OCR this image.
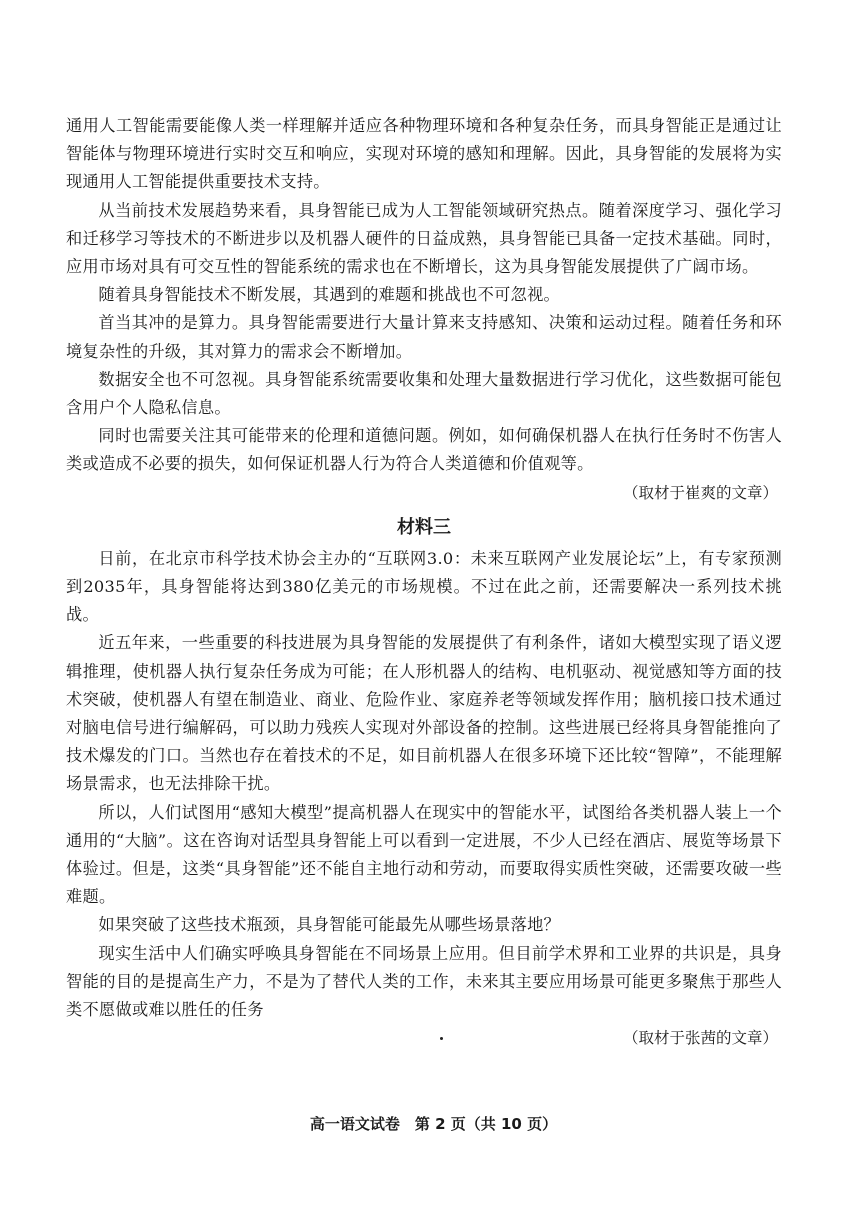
通用人工智能需要能像人类一样理解并适应各种物理环境和各种复杂任务，而具身智能正是通过让智能体与物理环境进行实时交互和响应，实现对环境的感知和理解。因此，具身智能的发展将为实现通用人工智能提供重要技术支持。

从当前技术发展趋势来看，具身智能已成为人工智能领域研究热点。随着深度学习、强化学习和迁移学习等技术的不断进步以及机器人硬件的日益成熟，具身智能已具备一定技术基础。同时，应用市场对具有可交互性的智能系统的需求也在不断增长，这为具身智能发展提供了广阔市场。

随着具身智能技术不断发展，其遇到的难题和挑战也不可忽视。

首当其冲的是算力。具身智能需要进行大量计算来支持感知、决策和运动过程。随着任务和环境复杂性的升级，其对算力的需求会不断增加。

数据安全也不可忽视。具身智能系统需要收集和处理大量数据进行学习优化，这些数据可能包含用户个人隐私信息。

同时也需要关注其可能带来的伦理和道德问题。例如，如何确保机器人在执行任务时不伤害人类或造成不必要的损失，如何保证机器人行为符合人类道德和价值观等。

（取材于崔爽的文章）

材料三

日前，在北京市科学技术协会主办的“互联网3.0：未来互联网产业发展论坛”上，有专家预测到2035年，具身智能将达到380亿美元的市场规模。不过在此之前，还需要解决一系列技术挑战。

近五年来，一些重要的科技进展为具身智能的发展提供了有利条件，诸如大模型实现了语义逻辑推理，使机器人执行复杂任务成为可能；在人形机器人的结构、电机驱动、视觉感知等方面的技术突破，使机器人有望在制造业、商业、危险作业、家庭养老等领域发挥作用；脑机接口技术通过对脑电信号进行编解码，可以助力残疾人实现对外部设备的控制。这些进展已经将具身智能推向了技术爆发的门口。当然也存在着技术的不足，如目前机器人在很多环境下还比较“智障”，不能理解场景需求，也无法排除干扰。

所以，人们试图用“感知大模型”提高机器人在现实中的智能水平，试图给各类机器人装上一个通用的“大脑”。这在咨询对话型具身智能上可以看到一定进展，不少人已经在酒店、展览等场景下体验过。但是，这类“具身智能”还不能自主地行动和劳动，而要取得实质性突破，还需要攻破一些难题。

如果突破了这些技术瓶颈，具身智能可能最先从哪些场景落地？

现实生活中人们确实呼唤具身智能在不同场景上应用。但目前学术界和工业界的共识是，具身智能的目的是提高生产力，不是为了替代人类的工作，未来其主要应用场景可能更多聚焦于那些人类不愿做或难以胜任的任务

（取材于张茜的文章）

高一语文试卷　第 2 页（共 10 页）
